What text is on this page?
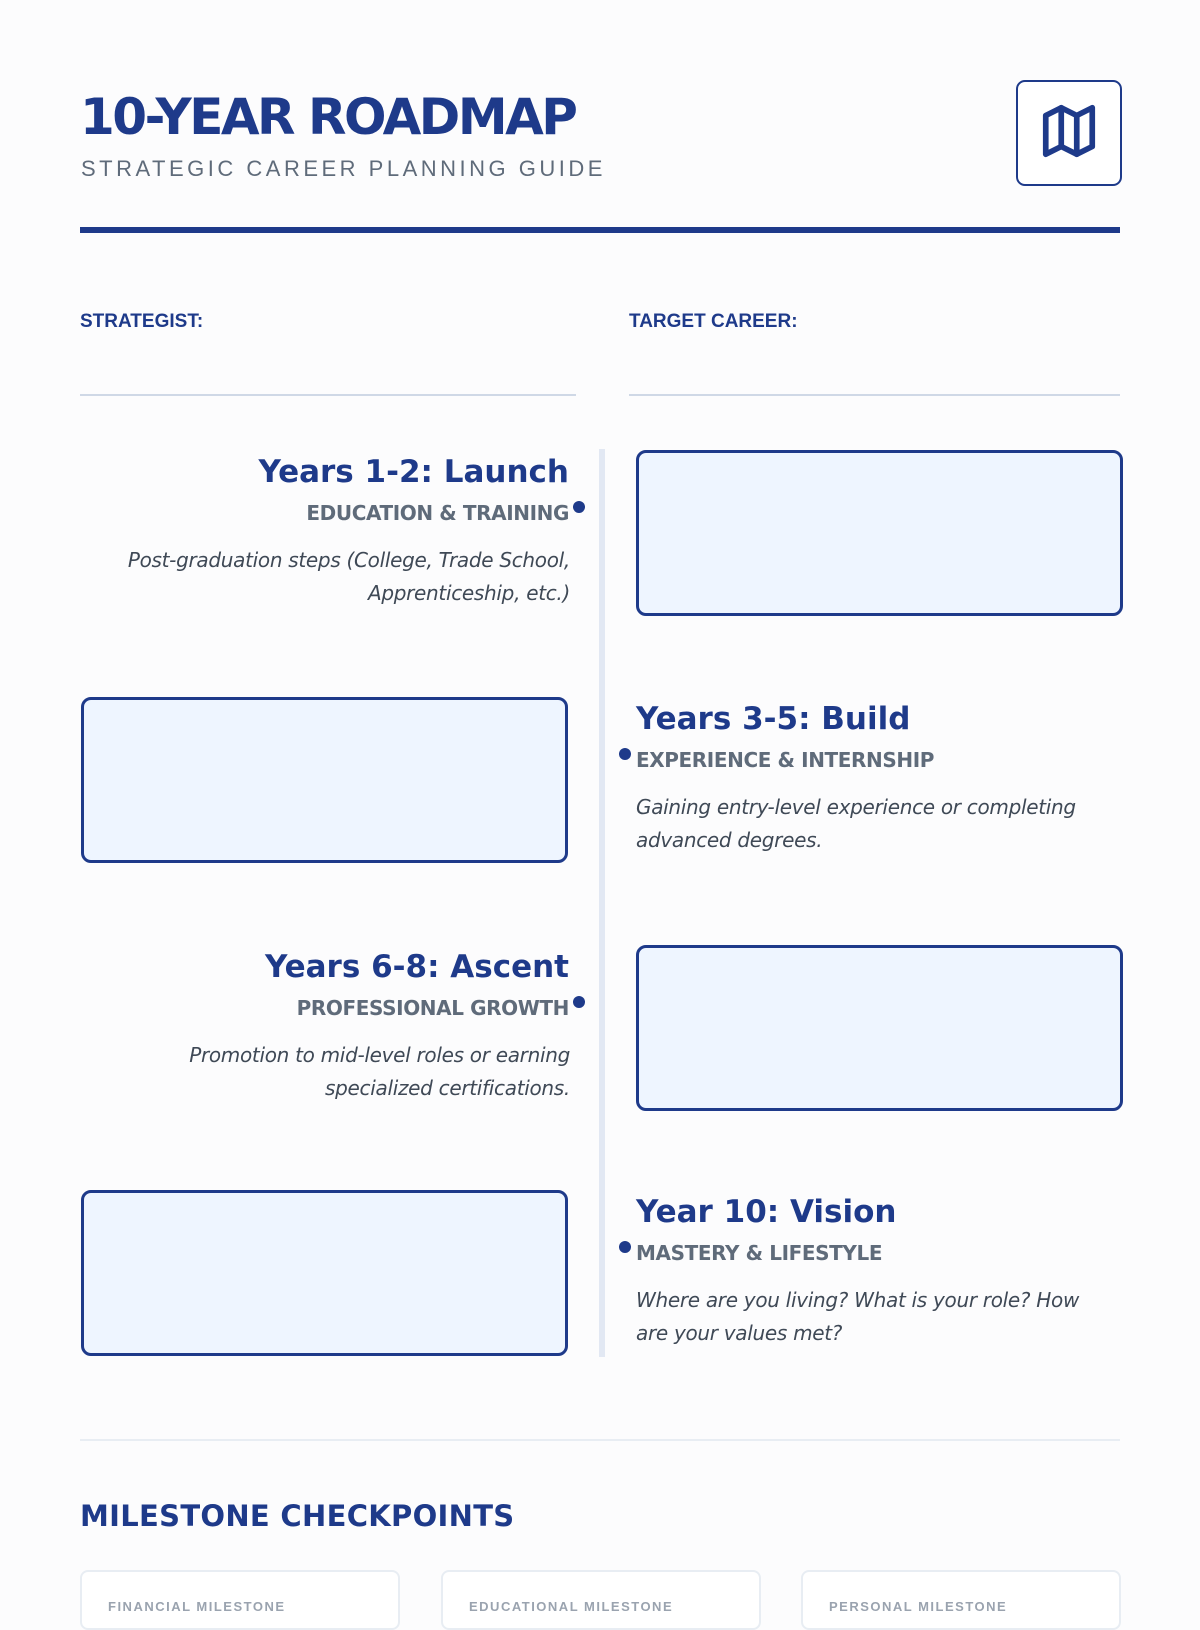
10-YEAR ROADMAP
STRATEGIC CAREER PLANNING GUIDE
STRATEGIST:	TARGET CAREER:
Years 1-2: Launch
EDUCATION & TRAINING
Post-graduation steps (College, Trade School, Apprenticeship, etc.)
Years 3-5: Build
EXPERIENCE & INTERNSHIP
Gaining entry-level experience or completing advanced degrees.
Years 6-8: Ascent
PROFESSIONAL GROWTH
Promotion to mid-level roles or earning specialized certifications.
Year 10: Vision
MASTERY & LIFESTYLE
Where are you living? What is your role? How are your values met?
MILESTONE CHECKPOINTS
FINANCIAL MILESTONE	EDUCATIONAL MILESTONE	PERSONAL MILESTONE
